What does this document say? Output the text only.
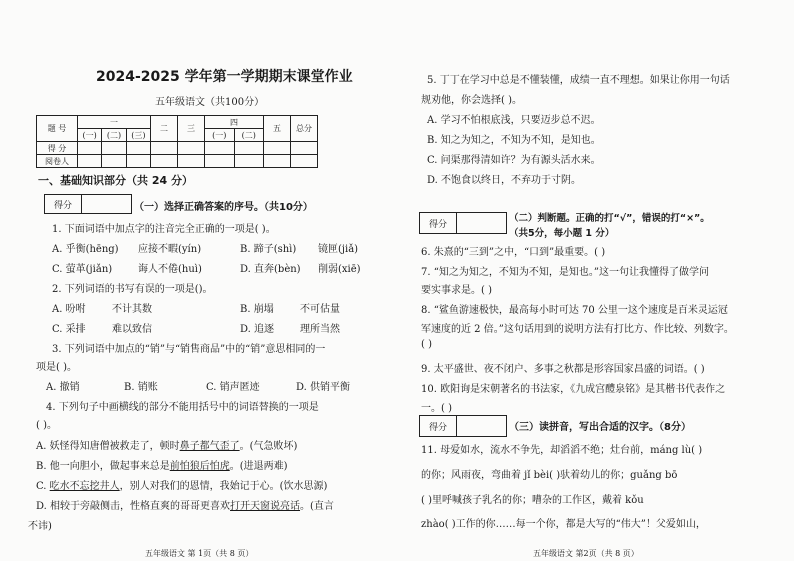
2024-2025 学年第一学期期末课堂作业
五年级语文（共100分）
题 号	一			二	三	四		五	总分
	(一)	(二)	(三)			(一)	(二)		
得 分									
阅卷人									
一、基础知识部分（共 24 分）
得分	（一）选择正确答案的序号。（共10分）
1. 下面词语中加点字的注音完全正确的一项是( )。
A. 乎衡(hēng) 应接不暇(yín)	B. 蹄子(shì) 镜匣(jiǎ)
C. 萤革(jiǎn)	诲人不倦(huì)	D. 直奔(bèn) 削弱(xiē)
2. 下列词语的书写有误的一项是()。
A. 吩咐	不计其数	B. 崩塌	不可估量
C. 采排	难以致信	D. 追逐	理所当然
3. 下列词语中加点的“销”与“销售商品”中的“销”意思相同的一
项是( )。
A. 撤销	B. 销账	C. 销声匿迹	D. 供销平衡
4. 下列句子中画横线的部分不能用括号中的词语替换的一项是
( )。
A. 妖怪得知唐僧被救走了，顿时鼻子都气歪了。(气急败坏)
B. 他一向胆小，做起事来总是前怕狼后怕虎。(进退两难)
C. 吃水不忘挖井人，别人对我们的恩情，我始记于心。(饮水思源)
D. 相较于旁敲侧击，性格直爽的哥哥更喜欢打开天窗说亮话。(直言
不讳)
五年级语文 第 1页（共 8 页）
5. 丁丁在学习中总是不懂装懂，成绩一直不理想。如果让你用一句话
规劝他，你会选择( )。
A. 学习不怕根底浅，只要迈步总不迟。
B. 知之为知之，不知为不知，是知也。
C. 问渠那得清如许？为有源头活水来。
D. 不饱食以终日，不弃功于寸阴。
得分
（二）判断题。正确的打“√”，错误的打“×”。
（共5分，每小题 1 分）
6. 朱熹的“三到”之中，“口到”最重要。( )
7. “知之为知之，不知为不知，是知也。”这一句让我懂得了做学问
要实事求是。( )
8. “鲨鱼游速极快，最高每小时可达 70 公里一这个速度是百米灵运冠
军速度的近 2 倍。”这句话用到的说明方法有打比方、作比较、列数字。
( )
9. 太平盛世、夜不闭户、多事之秋都是形容国家昌盛的词语。( )
10. 欧阳询是宋朝著名的书法家，《九成宫醴泉铭》是其楷书代表作之
一。( )
得分	（三）读拼音，写出合适的汉字。（8分）
11. 母爱如水，流水不争先，却滔滔不绝；灶台前，máng lù( )
的你；风雨夜，弯曲着 jǐ bèi( )驮着幼儿的你；guǎng bō
( )里呼喊孩子乳名的你；嘈杂的工作区，戴着 kǒu
zhào( )工作的你……每一个你，都是大写的“伟大”！父爱如山，
五年级语文 第2页（共 8 页）
